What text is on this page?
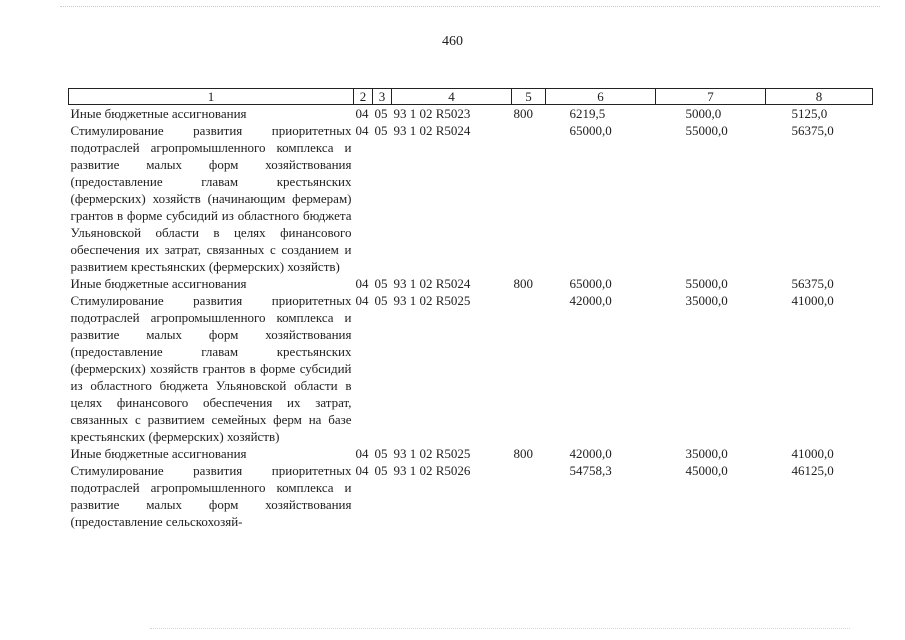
460
1	2	3	4	5	6	7	8
Иные бюджетные ассигнования	04	05	93 1 02 R5023	800	6219,5	5000,0	5125,0
Стимулирование развития приоритетных подотраслей агропромышленного комплекса и развитие малых форм хозяйствования (предоставление главам крестьянских (фермерских) хозяйств (начинающим фермерам) грантов в форме субсидий из областного бюджета Ульяновской области в целях финансового обеспечения их затрат, связанных с созданием и развитием крестьянских (фермерских) хозяйств)	04	05	93 1 02 R5024		65000,0	55000,0	56375,0
Иные бюджетные ассигнования	04	05	93 1 02 R5024	800	65000,0	55000,0	56375,0
Стимулирование развития приоритетных подотраслей агропромышленного комплекса и развитие малых форм хозяйствования (предоставление главам крестьянских (фермерских) хозяйств грантов в форме субсидий из областного бюджета Ульяновской области в целях финансового обеспечения их затрат, связанных с развитием семейных ферм на базе крестьянских (фермерских) хозяйств)	04	05	93 1 02 R5025		42000,0	35000,0	41000,0
Иные бюджетные ассигнования	04	05	93 1 02 R5025	800	42000,0	35000,0	41000,0
Стимулирование развития приоритетных подотраслей агропромышленного комплекса и развитие малых форм хозяйствования (предоставление сельскохозяй-	04	05	93 1 02 R5026		54758,3	45000,0	46125,0
